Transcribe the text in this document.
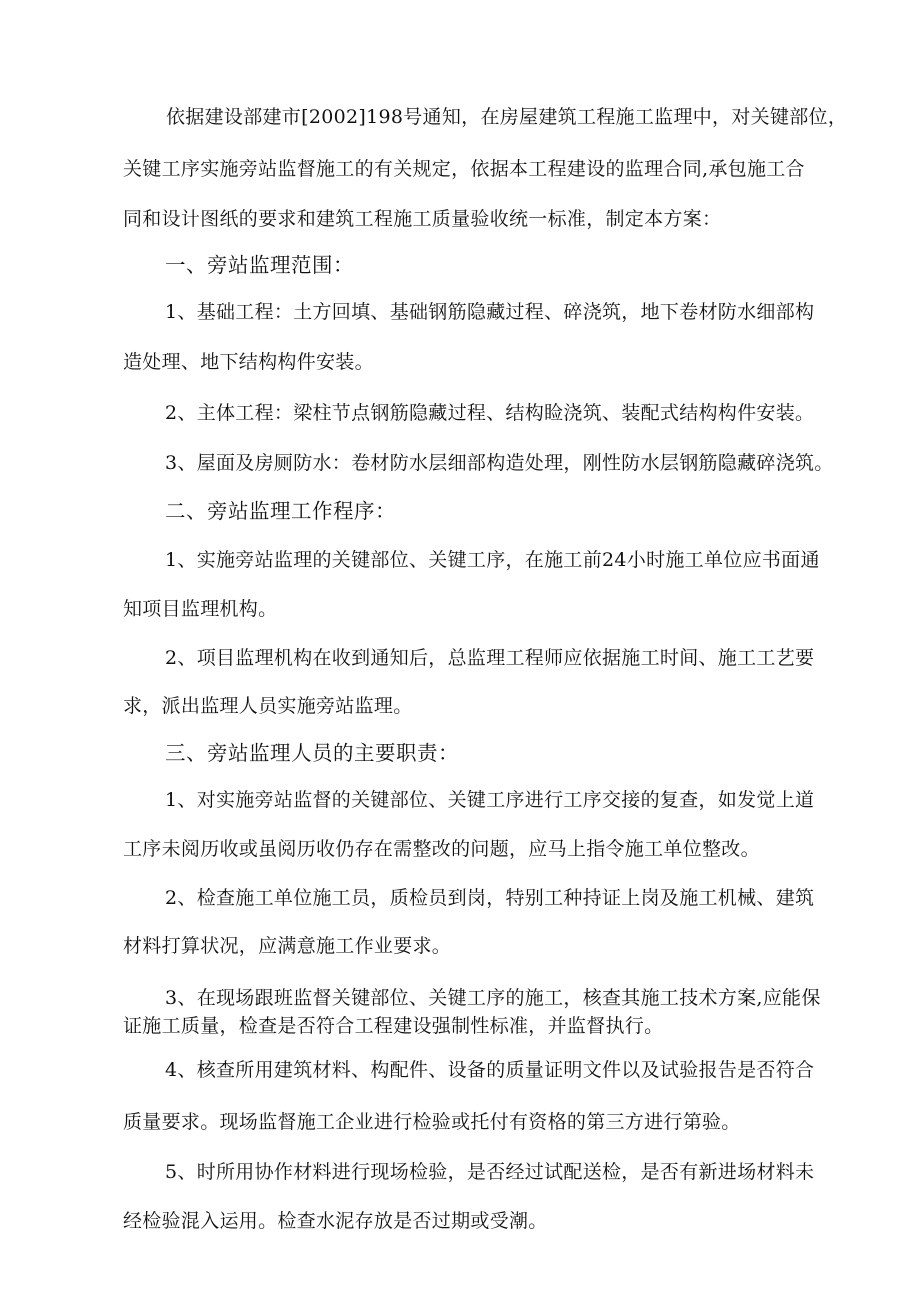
依据建设部建市[2002]198号通知，在房屋建筑工程施工监理中，对关键部位，
关键工序实施旁站监督施工的有关规定，依据本工程建设的监理合同,承包施工合
同和设计图纸的要求和建筑工程施工质量验收统一标准，制定本方案：
一、旁站监理范围：
1、基础工程：土方回填、基础钢筋隐藏过程、碎浇筑，地下卷材防水细部构
造处理、地下结构构件安装。
2、主体工程：梁柱节点钢筋隐藏过程、结构睑浇筑、装配式结构构件安装。
3、屋面及房厕防水：卷材防水层细部构造处理，刚性防水层钢筋隐藏碎浇筑。
二、旁站监理工作程序：
1、实施旁站监理的关键部位、关键工序，在施工前24小时施工单位应书面通
知项目监理机构。
2、项目监理机构在收到通知后，总监理工程师应依据施工时间、施工工艺要
求，派出监理人员实施旁站监理。
三、旁站监理人员的主要职责：
1、对实施旁站监督的关键部位、关键工序进行工序交接的复查，如发觉上道
工序未阅历收或虽阅历收仍存在需整改的问题，应马上指令施工单位整改。
2、检查施工单位施工员，质检员到岗，特别工种持证上岗及施工机械、建筑
材料打算状况，应满意施工作业要求。
3、在现场跟班监督关键部位、关键工序的施工，核查其施工技术方案,应能保
证施工质量，检查是否符合工程建设强制性标准，并监督执行。
4、核查所用建筑材料、构配件、设备的质量证明文件以及试验报告是否符合
质量要求。现场监督施工企业进行检验或托付有资格的第三方进行第验。
5、时所用协作材料进行现场检验，是否经过试配送检，是否有新进场材料未
经检验混入运用。检查水泥存放是否过期或受潮。
